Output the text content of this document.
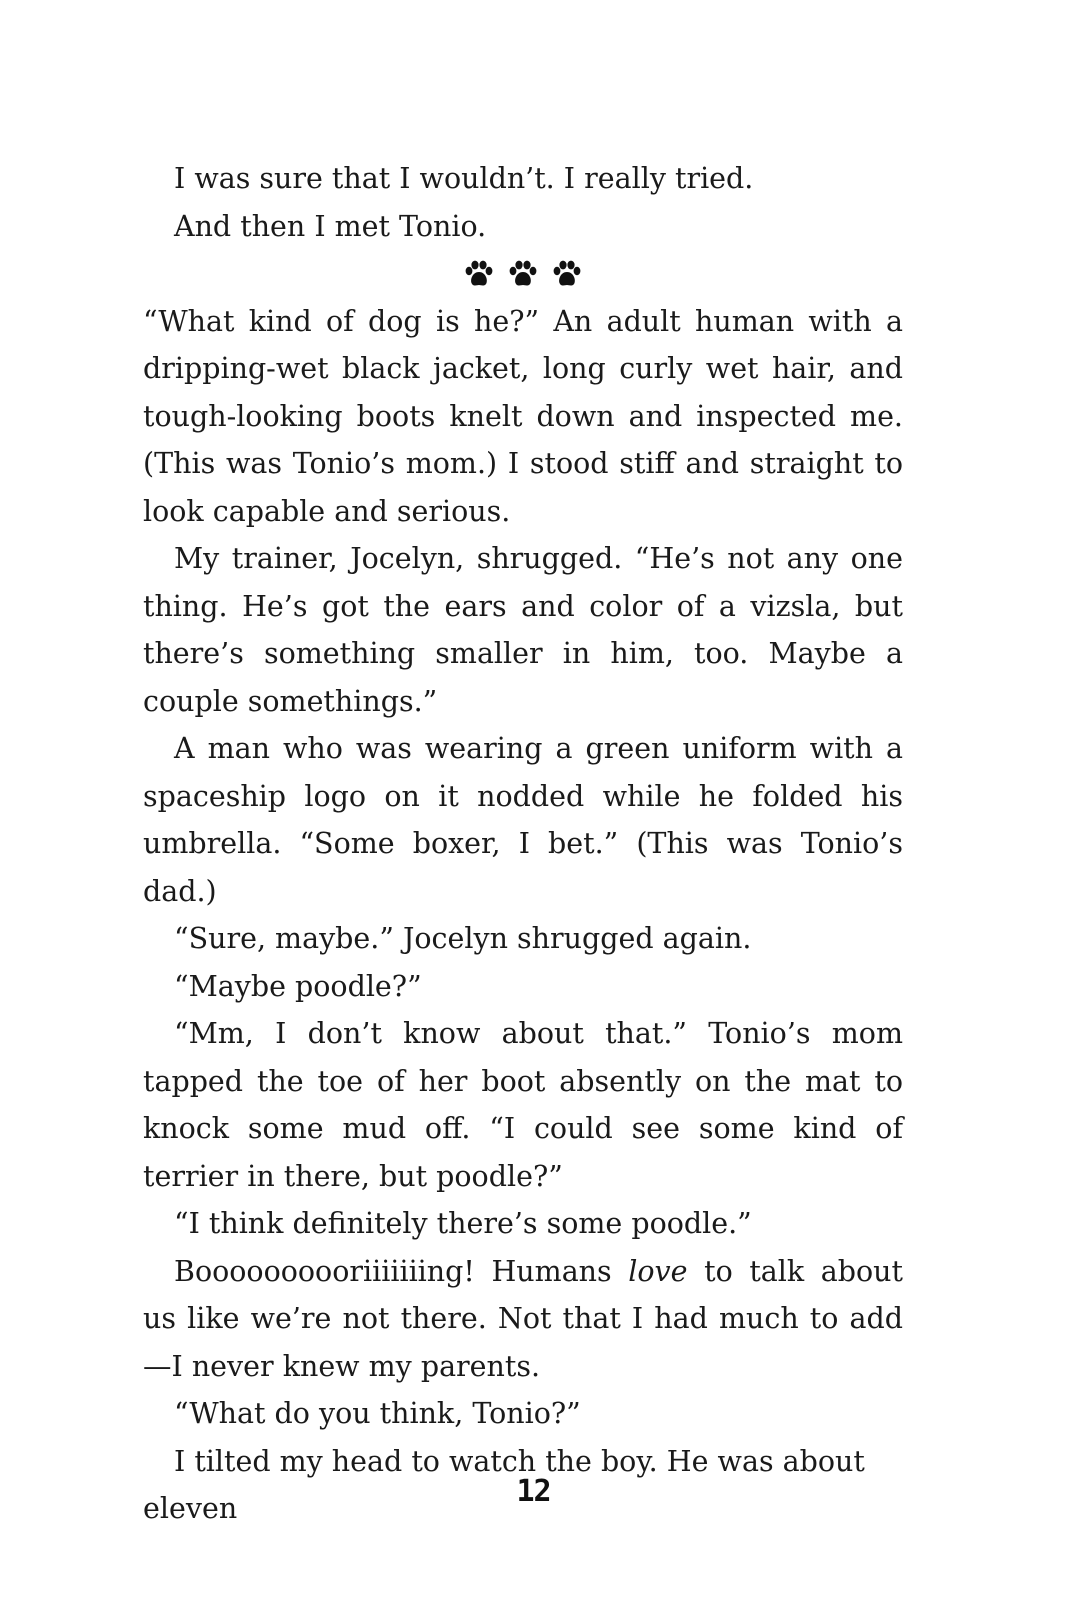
I was sure that I wouldn’t. I really tried.

And then I met Tonio.

“What kind of dog is he?” An adult human with a dripping-wet black jacket, long curly wet hair, and tough-looking boots knelt down and inspected me. (This was Tonio’s mom.) I stood stiff and straight to look capable and serious.

My trainer, Jocelyn, shrugged. “He’s not any one thing. He’s got the ears and color of a vizsla, but there’s something smaller in him, too. Maybe a couple somethings.”

A man who was wearing a green uniform with a spaceship logo on it nodded while he folded his umbrella. “Some boxer, I bet.” (This was Tonio’s dad.)

“Sure, maybe.” Jocelyn shrugged again.

“Maybe poodle?”

“Mm, I don’t know about that.” Tonio’s mom tapped the toe of her boot absently on the mat to knock some mud off. “I could see some kind of terrier in there, but poodle?”

“I think definitely there’s some poodle.”

Boooooooooriiiiiiing! Humans love to talk about us like we’re not there. Not that I had much to add—I never knew my parents.

“What do you think, Tonio?”

I tilted my head to watch the boy. He was about eleven	12
